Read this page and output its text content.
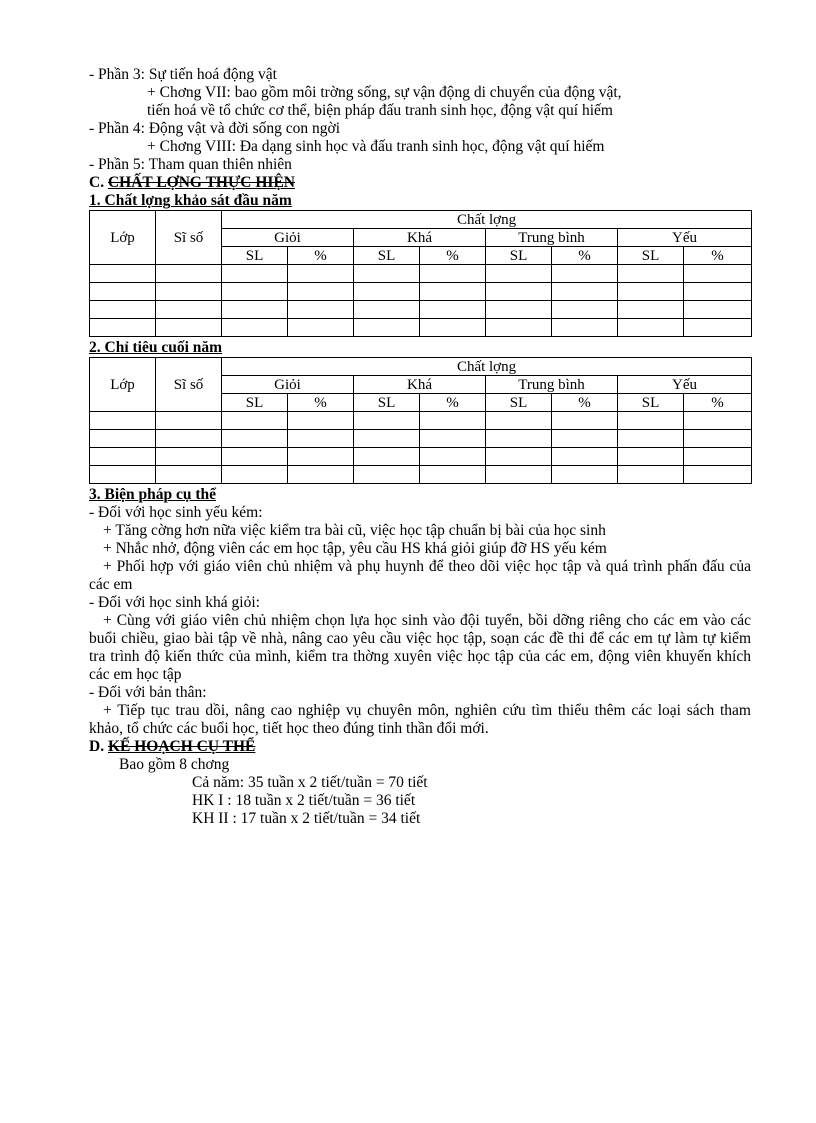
- Phần 3: Sự tiến hoá động vật
+ Chơng VII: bao gồm môi trờng sống, sự vận động di chuyển của động vật,
tiến hoá về tổ chức cơ thể, biện pháp đấu tranh sinh học, động vật quí hiếm
- Phần 4: Động vật và đời sống con ngời
+ Chơng VIII: Đa dạng sinh học và đấu tranh sinh học, động vật quí hiếm
- Phần 5: Tham quan thiên nhiên
C. CHẤT LỢNG THỰC HIỆN
1. Chất lợng khảo sát đầu năm
Lớp	Sĩ số	Chất lợng							
		Giỏi		Khá		Trung bình		Yếu	
		SL	%	SL	%	SL	%	SL	%

2. Chỉ tiêu cuối năm
Lớp	Sĩ số	Chất lợng							
		Giỏi		Khá		Trung bình		Yếu	
		SL	%	SL	%	SL	%	SL	%

3. Biện pháp cụ thể
- Đối với học sinh yếu kém:
+ Tăng cờng hơn nữa việc kiểm tra bài cũ, việc học tập chuẩn bị bài của học sinh
+ Nhắc nhở, động viên các em học tập, yêu cầu HS khá giỏi giúp đỡ HS yếu kém
+ Phối hợp với giáo viên chủ nhiệm và phụ huynh để theo dõi việc học tập và quá trình phấn đấu của các em
- Đối với học sinh khá giỏi:
+ Cùng với giáo viên chủ nhiệm chọn lựa học sinh vào đội tuyển, bồi dỡng riêng cho các em vào các buổi chiều, giao bài tập về nhà, nâng cao yêu cầu việc học tập, soạn các đề thi để các em tự làm tự kiểm tra trình độ kiến thức của mình, kiểm tra thờng xuyên việc học tập của các em, động viên khuyến khích các em học tập
- Đối với bản thân:
+ Tiếp tục trau dồi, nâng cao nghiệp vụ chuyên môn, nghiên cứu tìm thiểu thêm các loại sách tham khảo, tổ chức các buổi học, tiết học theo đúng tinh thần đổi mới.
D. KẾ HOẠCH CỤ THỂ
Bao gồm 8 chơng
Cả năm: 35 tuần x 2 tiết/tuần = 70 tiết
HK I : 18 tuần x 2 tiết/tuần = 36 tiết
KH II : 17 tuần x 2 tiết/tuần = 34 tiết
